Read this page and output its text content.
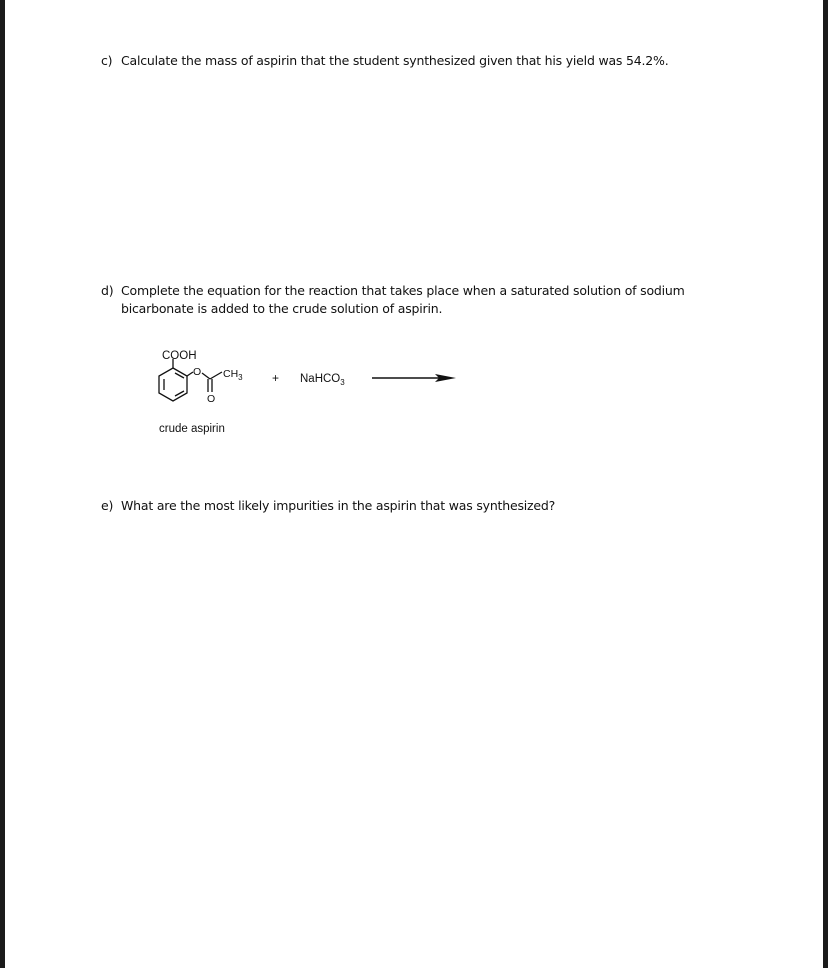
c) Calculate the mass of aspirin that the student synthesized given that his yield was 54.2%.
d) Complete the equation for the reaction that takes place when a saturated solution of sodium
bicarbonate is added to the crude solution of aspirin.
COOH
O $CH_3$
O
+ NaHCO$_3$
crude aspirin
e) What are the most likely impurities in the aspirin that was synthesized?
